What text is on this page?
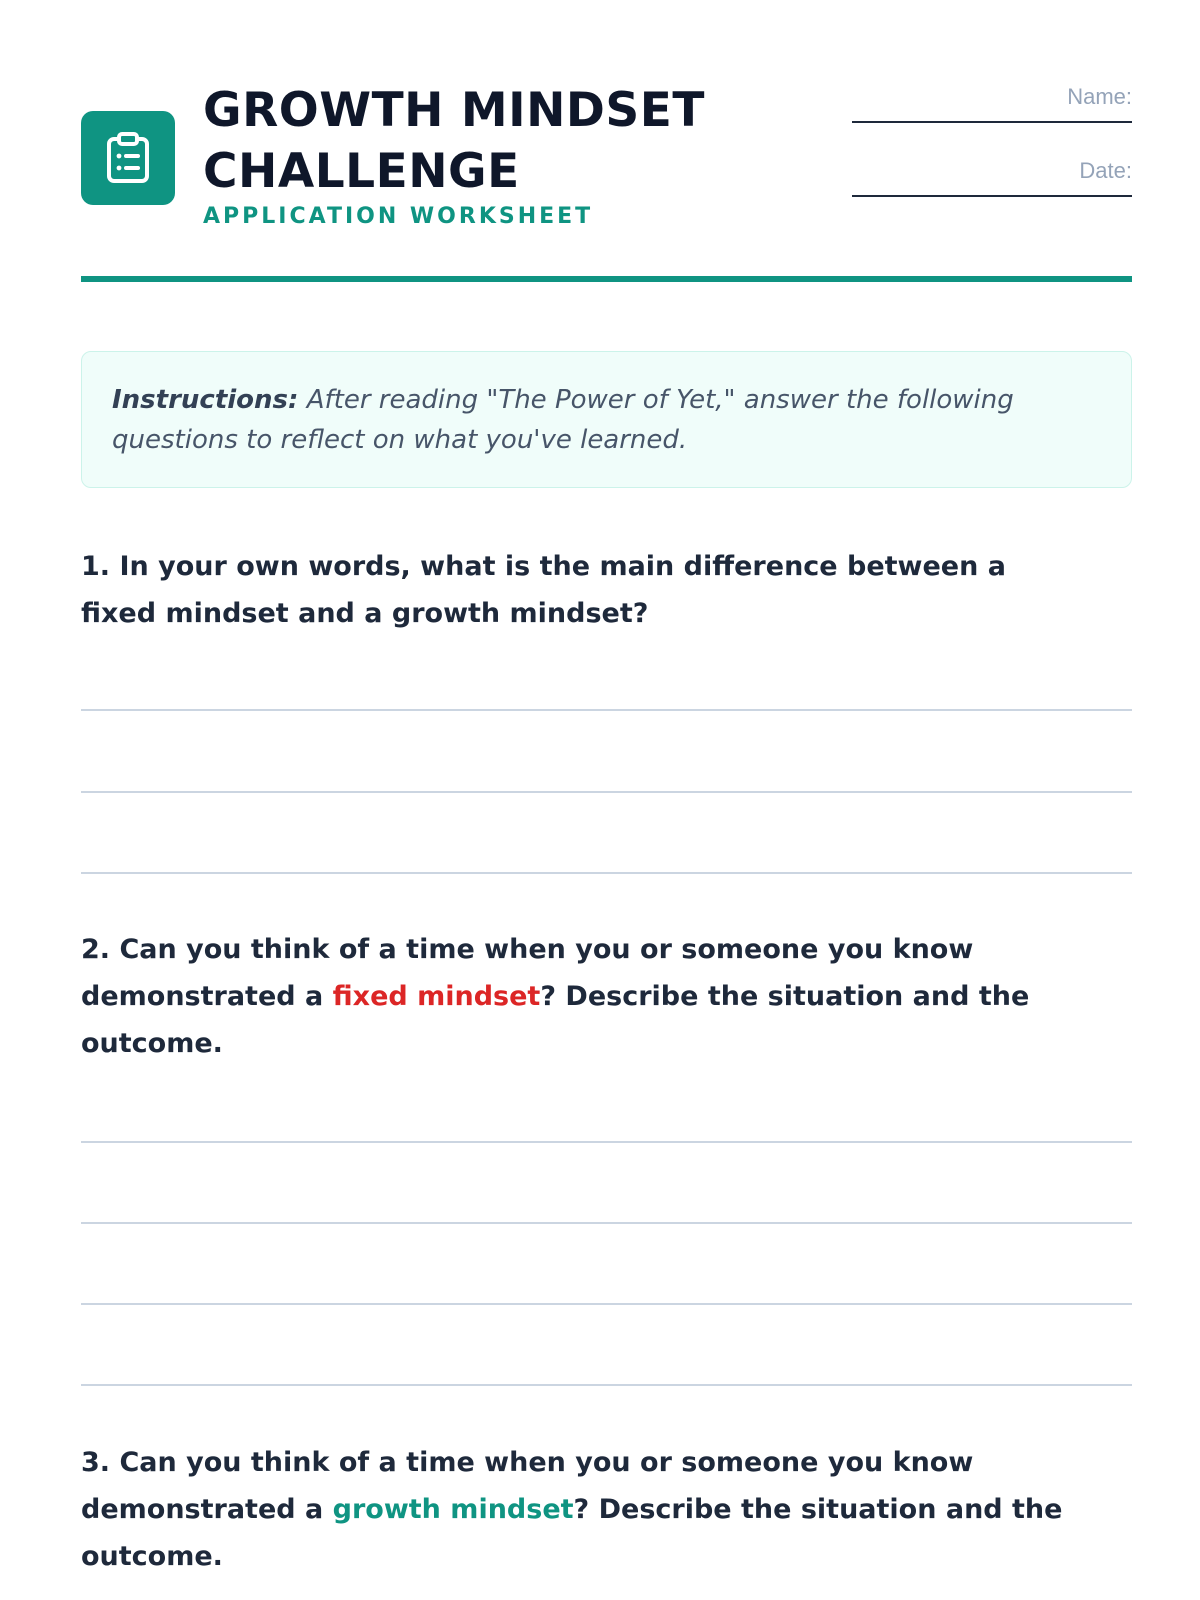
GROWTH MINDSET CHALLENGE
APPLICATION WORKSHEET
Name:
Date:
Instructions: After reading "The Power of Yet," answer the following questions to reflect on what you've learned.
1. In your own words, what is the main difference between a fixed mindset and a growth mindset?
2. Can you think of a time when you or someone you know demonstrated a fixed mindset? Describe the situation and the outcome.
3. Can you think of a time when you or someone you know demonstrated a growth mindset? Describe the situation and the outcome.
